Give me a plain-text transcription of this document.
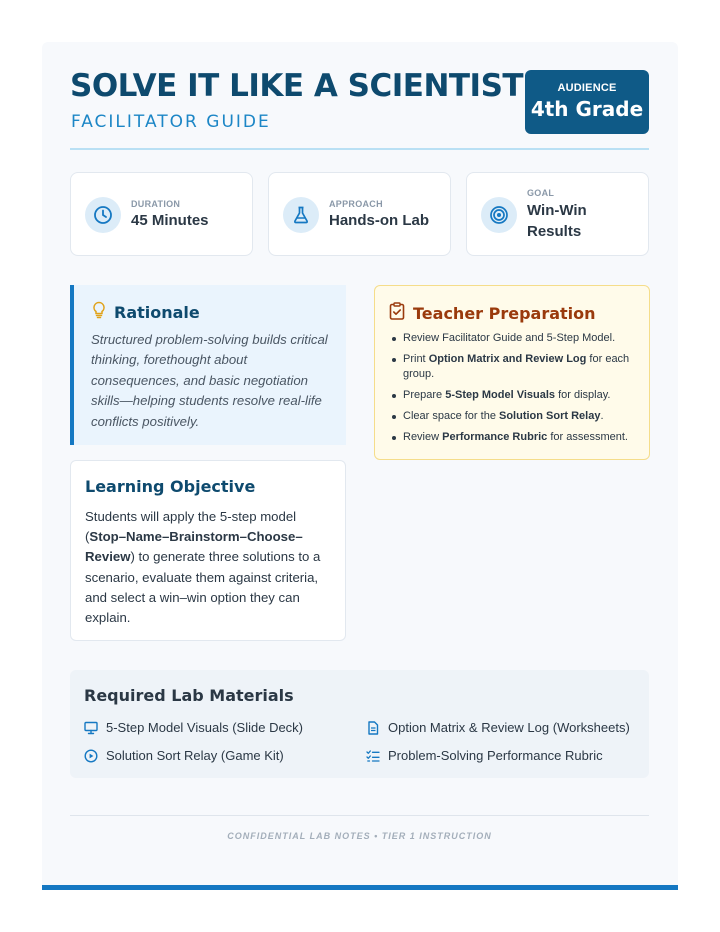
SOLVE IT LIKE A SCIENTIST
FACILITATOR GUIDE
AUDIENCE
4th Grade
DURATION
45 Minutes
APPROACH
Hands-on Lab
GOAL
Win-Win
Results
Rationale

Structured problem-solving builds critical
thinking, forethought about
consequences, and basic negotiation
skills—helping students resolve real-life
conflicts positively.

Learning Objective

Students will apply the 5-step model (Stop–Name–Brainstorm–Choose–Review) to generate three solutions to a scenario, evaluate them against criteria, and select a win–win option they can explain.

Teacher Preparation
Review Facilitator Guide and 5-Step Model.
Print Option Matrix and Review Log for each group.
Prepare 5-Step Model Visuals for display.
Clear space for the Solution Sort Relay.
Review Performance Rubric for assessment.
Required Lab Materials
5-Step Model Visuals (Slide Deck)	Option Matrix & Review Log (Worksheets)
Solution Sort Relay (Game Kit)	Problem-Solving Performance Rubric
CONFIDENTIAL LAB NOTES • TIER 1 INSTRUCTION
